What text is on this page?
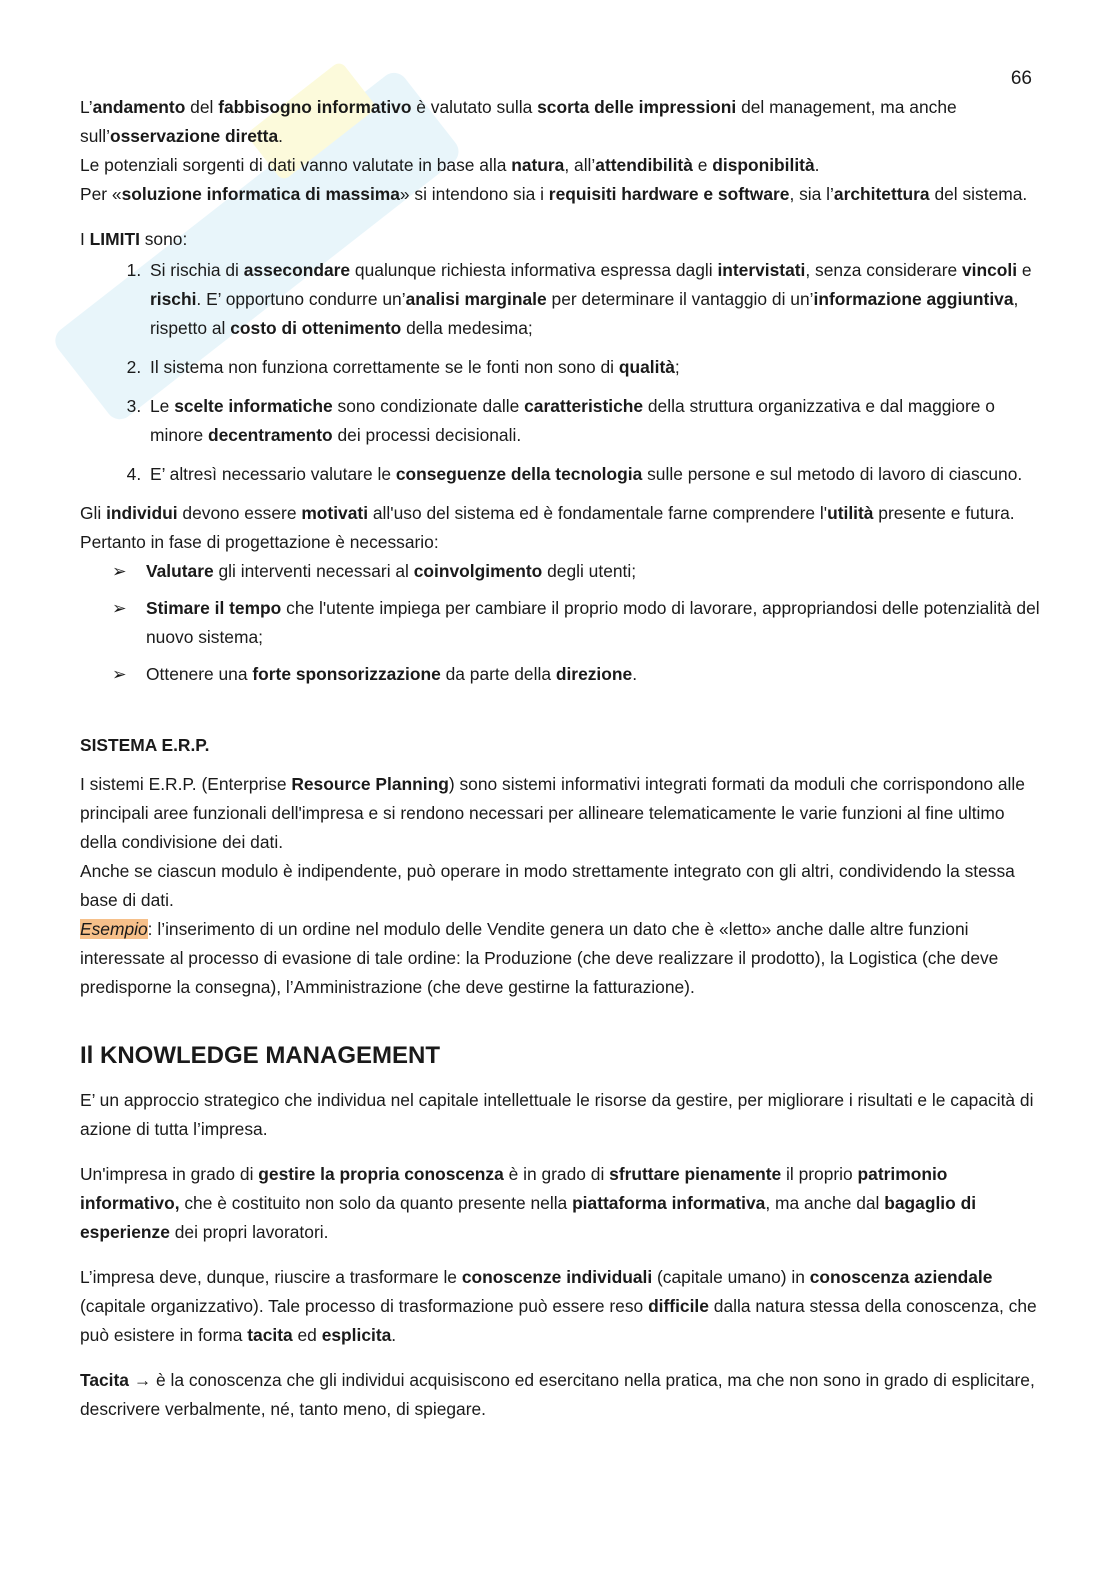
66

L’andamento del fabbisogno informativo è valutato sulla scorta delle impressioni del management, ma anche sull’osservazione diretta.

Le potenziali sorgenti di dati vanno valutate in base alla natura, all’attendibilità e disponibilità.

Per «soluzione informatica di massima» si intendono sia i requisiti hardware e software, sia l’architettura del sistema.

I LIMITI sono:

1. Si rischia di assecondare qualunque richiesta informativa espressa dagli intervistati, senza considerare vincoli e rischi. E’ opportuno condurre un’analisi marginale per determinare il vantaggio di un’informazione aggiuntiva, rispetto al costo di ottenimento della medesima;
2. Il sistema non funziona correttamente se le fonti non sono di qualità;
3. Le scelte informatiche sono condizionate dalle caratteristiche della struttura organizzativa e dal maggiore o minore decentramento dei processi decisionali.
4. E’ altresì necessario valutare le conseguenze della tecnologia sulle persone e sul metodo di lavoro di ciascuno.

Gli individui devono essere motivati all'uso del sistema ed è fondamentale farne comprendere l'utilità presente e futura.

Pertanto in fase di progettazione è necessario:

➢ Valutare gli interventi necessari al coinvolgimento degli utenti;
➢ Stimare il tempo che l'utente impiega per cambiare il proprio modo di lavorare, appropriandosi delle potenzialità del nuovo sistema;
➢ Ottenere una forte sponsorizzazione da parte della direzione.
SISTEMA E.R.P.

I sistemi E.R.P. (Enterprise Resource Planning) sono sistemi informativi integrati formati da moduli che corrispondono alle principali aree funzionali dell'impresa e si rendono necessari per allineare telematicamente le varie funzioni al fine ultimo della condivisione dei dati.

Anche se ciascun modulo è indipendente, può operare in modo strettamente integrato con gli altri, condividendo la stessa base di dati.

Esempio: l’inserimento di un ordine nel modulo delle Vendite genera un dato che è «letto» anche dalle altre funzioni interessate al processo di evasione di tale ordine: la Produzione (che deve realizzare il prodotto), la Logistica (che deve predisporne la consegna), l’Amministrazione (che deve gestirne la fatturazione).

Il KNOWLEDGE MANAGEMENT

E’ un approccio strategico che individua nel capitale intellettuale le risorse da gestire, per migliorare i risultati e le capacità di azione di tutta l’impresa.

Un'impresa in grado di gestire la propria conoscenza è in grado di sfruttare pienamente il proprio patrimonio informativo, che è costituito non solo da quanto presente nella piattaforma informativa, ma anche dal bagaglio di esperienze dei propri lavoratori.

L’impresa deve, dunque, riuscire a trasformare le conoscenze individuali (capitale umano) in conoscenza aziendale (capitale organizzativo). Tale processo di trasformazione può essere reso difficile dalla natura stessa della conoscenza, che può esistere in forma tacita ed esplicita.

Tacita → è la conoscenza che gli individui acquisiscono ed esercitano nella pratica, ma che non sono in grado di esplicitare, descrivere verbalmente, né, tanto meno, di spiegare.
